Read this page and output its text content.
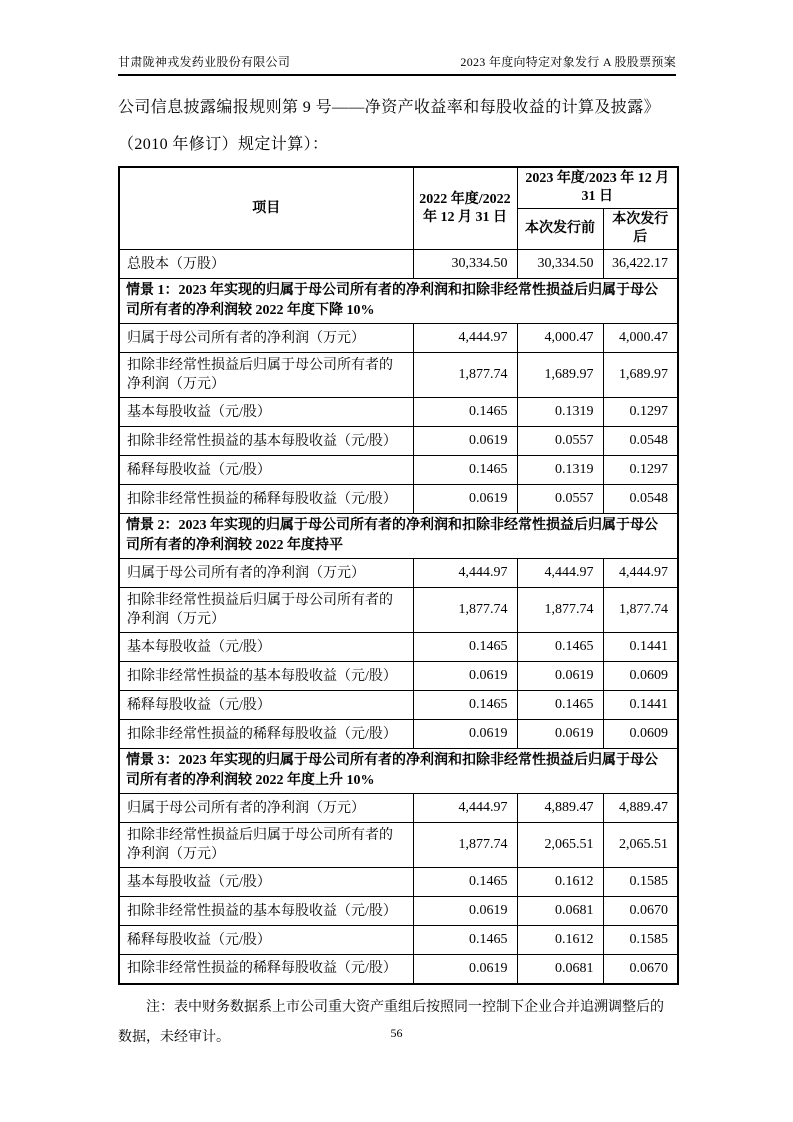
甘肃陇神戎发药业股份有限公司	2023 年度向特定对象发行 A 股股票预案
公司信息披露编报规则第 9 号——净资产收益率和每股收益的计算及披露》
（2010 年修订）规定计算）：
项目	2022 年度/2022 年 12 月 31 日	2023 年度/2023 年 12 月 31 日	
		本次发行前	本次发行后
总股本（万股）	30,334.50	30,334.50	36,422.17
情景 1：2023 年实现的归属于母公司所有者的净利润和扣除非经常性损益后归属于母公司所有者的净利润较 2022 年度下降 10%			
归属于母公司所有者的净利润（万元）	4,444.97	4,000.47	4,000.47
扣除非经常性损益后归属于母公司所有者的净利润（万元）	1,877.74	1,689.97	1,689.97
基本每股收益（元/股）	0.1465	0.1319	0.1297
扣除非经常性损益的基本每股收益（元/股）	0.0619	0.0557	0.0548
稀释每股收益（元/股）	0.1465	0.1319	0.1297
扣除非经常性损益的稀释每股收益（元/股）	0.0619	0.0557	0.0548
情景 2：2023 年实现的归属于母公司所有者的净利润和扣除非经常性损益后归属于母公司所有者的净利润较 2022 年度持平			
归属于母公司所有者的净利润（万元）	4,444.97	4,444.97	4,444.97
扣除非经常性损益后归属于母公司所有者的净利润（万元）	1,877.74	1,877.74	1,877.74
基本每股收益（元/股）	0.1465	0.1465	0.1441
扣除非经常性损益的基本每股收益（元/股）	0.0619	0.0619	0.0609
稀释每股收益（元/股）	0.1465	0.1465	0.1441
扣除非经常性损益的稀释每股收益（元/股）	0.0619	0.0619	0.0609
情景 3：2023 年实现的归属于母公司所有者的净利润和扣除非经常性损益后归属于母公司所有者的净利润较 2022 年度上升 10%			
归属于母公司所有者的净利润（万元）	4,444.97	4,889.47	4,889.47
扣除非经常性损益后归属于母公司所有者的净利润（万元）	1,877.74	2,065.51	2,065.51
基本每股收益（元/股）	0.1465	0.1612	0.1585
扣除非经常性损益的基本每股收益（元/股）	0.0619	0.0681	0.0670
稀释每股收益（元/股）	0.1465	0.1612	0.1585
扣除非经常性损益的稀释每股收益（元/股）	0.0619	0.0681	0.0670
注：表中财务数据系上市公司重大资产重组后按照同一控制下企业合并追溯调整后的
数据，未经审计。	56
